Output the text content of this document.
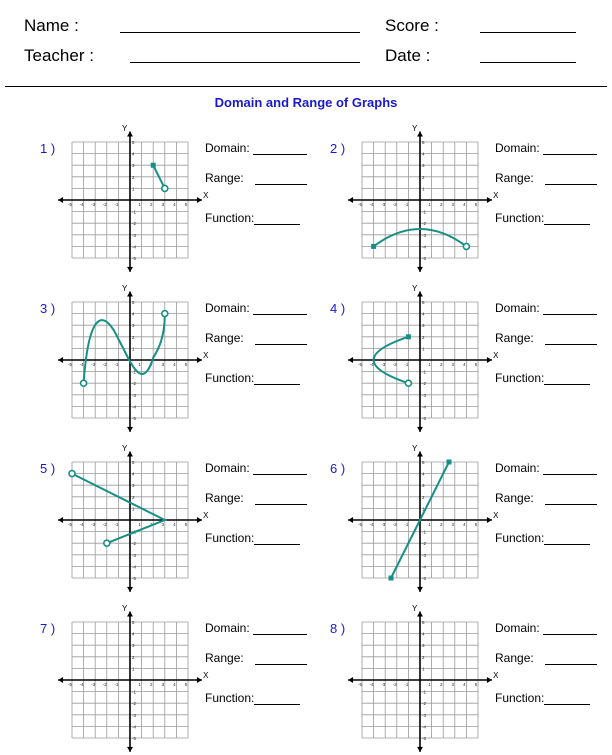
Name :
Teacher :
Score :
Date :
Domain and Range of Graphs
1 )	Domain:
Range:
Function:
X
Y
-5
-5
-4
-4
-3
-3
-2
-2
-1
-1
1
1
2
2
3
3
4
4
5
5	2 )	Domain:
Range:
Function:
X
Y
-5
-5
-4
-4
-3
-3
-2
-2
-1
-1
1
1
2
2
3
3
4
4
5
5
3 )	Domain:
Range:
Function:
X
Y
-5
-5
-4
-4
-3
-3
-2
-2
-1
-1
1
1
2
2
3
3
4
4
5
5	4 )	Domain:
Range:
Function:
X
Y
-5
-5
-4
-4
-3
-3
-2
-2
-1
-1
1
1
2
2
3
3
4
4
5
5
5 )	Domain:
Range:
Function:
X
Y
-5
-5
-4
-4
-3
-3
-2
-2
-1
-1
1
1
2
2
3
3
4
4
5
5	6 )	Domain:
Range:
Function:
X
Y
-5
-5
-4
-4
-3
-3
-2
-2
-1
-1
1
1
2
2
3
3
4
4
5
5
7 )	Domain:
Range:
Function:
X
Y
-5
-5
-4
-4
-3
-3
-2
-2
-1
-1
1
1
2
2
3
3
4
4
5
5	8 )	Domain:
Range:
Function:
X
Y
-5
-5
-4
-4
-3
-3
-2
-2
-1
-1
1
1
2
2
3
3
4
4
5
5
